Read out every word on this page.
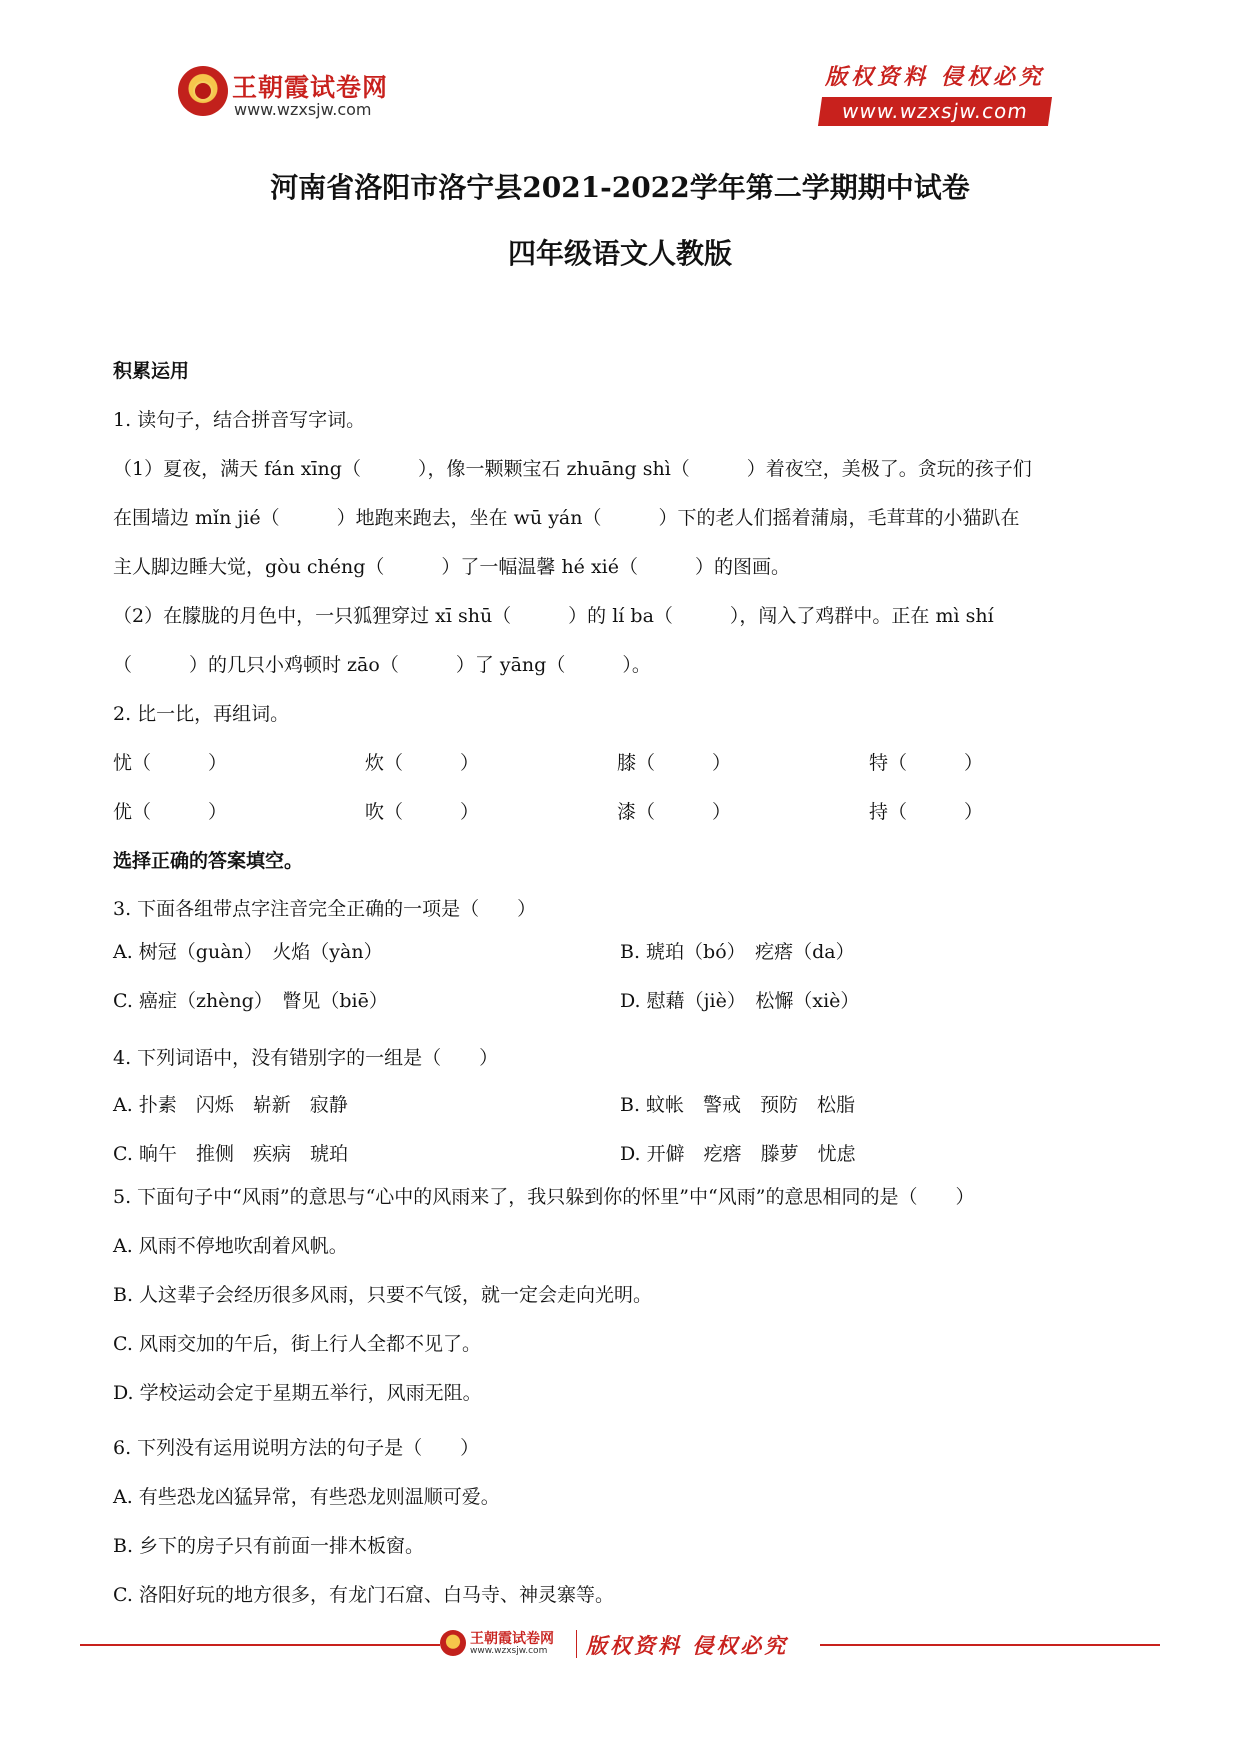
王朝霞试卷网
www.wzxsjw.com
版权资料 侵权必究
www.wzxsjw.com
河南省洛阳市洛宁县2021-2022学年第二学期期中试卷
四年级语文人教版
积累运用
1. 读句子，结合拼音写字词。
（1）夏夜，满天 fán xīng（　　　），像一颗颗宝石 zhuāng shì（　　　）着夜空，美极了。贪玩的孩子们
在围墙边 mǐn jié（　　　）地跑来跑去，坐在 wū yán（　　　）下的老人们摇着蒲扇，毛茸茸的小猫趴在
主人脚边睡大觉，gòu chéng（　　　）了一幅温馨 hé xié（　　　）的图画。
（2）在朦胧的月色中，一只狐狸穿过 xī shū（　　　）的 lí ba（　　　），闯入了鸡群中。正在 mì shí
（　　　）的几只小鸡顿时 zāo（　　　）了 yāng（　　　）。
2. 比一比，再组词。
忧（　　　）	炊（　　　）	膝（　　　）	特（　　　）
优（　　　）	吹（　　　）	漆（　　　）	持（　　　）
选择正确的答案填空。
3. 下面各组带点字注音完全正确的一项是（　　）
A. 树冠（guàn）　火焰（yàn）	B. 琥珀（bó）　疙瘩（da）
C. 癌症（zhèng）　瞥见（biē）	D. 慰藉（jiè）　松懈（xiè）
4. 下列词语中，没有错别字的一组是（　　）
A. 扑素　闪烁　崭新　寂静	B. 蚊帐　警戒　预防　松脂
C. 晌午　推侧　疾病　琥珀	D. 开僻　疙瘩　滕萝　忧虑
5. 下面句子中“风雨”的意思与“心中的风雨来了，我只躲到你的怀里”中“风雨”的意思相同的是（　　）
A. 风雨不停地吹刮着风帆。
B. 人这辈子会经历很多风雨，只要不气馁，就一定会走向光明。
C. 风雨交加的午后，街上行人全都不见了。
D. 学校运动会定于星期五举行，风雨无阻。
6. 下列没有运用说明方法的句子是（　　）
A. 有些恐龙凶猛异常，有些恐龙则温顺可爱。
B. 乡下的房子只有前面一排木板窗。
C. 洛阳好玩的地方很多，有龙门石窟、白马寺、神灵寨等。
王朝霞试卷网
www.wzxsjw.com 版权资料 侵权必究
